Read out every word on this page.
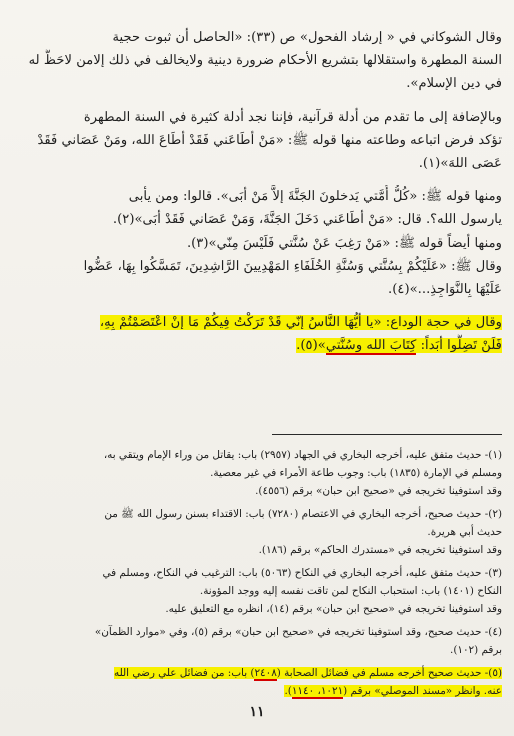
وقال الشوكاني في « إرشاد الفحول» ص (٣٣): «الحاصل أن ثبوت حجية
السنة المطهرة واستقلالها بتشريع الأحكام ضرورة دينية ولايخالف في ذلك إلامن لاحَظَّ له
في دين الإسلام».
وبالإضافة إلى ما تقدم من أدلة قرآنية، فإننا نجد أدلة كثيرة في السنة المطهرة
تؤكد فرض اتباعه وطاعته منها قوله ﷺ: «مَنْ أطَاعَني فَقَدْ أطَاعَ الله، ومَنْ عَصَاني فَقَدْ
عَصَى اللهَ»(١).
ومنها قوله ﷺ: «كُلُّ أُمَّتي يَدخلونَ الجَنَّةَ إلاَّ مَنْ أبَى». قالوا: ومن يأبى
يارسول الله؟. قال: «مَنْ أطَاعَني دَخَلَ الجَنَّةَ، وَمَنْ عَصَاني فَقَدْ أبَى»(٢).
ومنها أيضاً قوله ﷺ: «مَنْ رَغِبَ عَنْ سُنَّتي فَلَيْسَ مِنّي»(٣).
وقال ﷺ: «عَلَيْكُمْ بِسُنَّتي وَسُنَّةِ الخُلَفَاءِ المَهْدِيينَ الرَّاشِدِينَ، تَمَسَّكُوا بِهَا، عَضُّوا
عَلَيْهَا بِالنَّوَاجِذِ...»(٤).
وقال في حجة الوداع: «يا أيُّهَا النَّاسُ إنّي قَدْ تَرَكْتُ فِيكُمْ مَا إنْ اعْتَصَمْتُمْ بِهِ،
فَلَنْ تَضِلُّوا أبَداً: كِتَابَ الله وسُنَّتي»(٥).
(١)- حديث متفق عليه، أخرجه البخاري في الجهاد (٢٩٥٧) باب: يقاتل من وراء الإمام ويتقي به،
ومسلم في الإمارة (١٨٣٥) باب: وجوب طاعة الأمراء في غير معصية.
وقد استوفينا تخريجه في «صحيح ابن حبان» برقم (٤٥٥٦).
(٢)- حديث صحيح، أخرجه البخاري في الاعتصام (٧٢٨٠) باب: الاقتداء بسنن رسول الله ﷺ من
حديث أبي هريرة.
وقد استوفينا تخريجه في «مستدرك الحاكم» برقم (١٨٦).
(٣)- حديث متفق عليه، أخرجه البخاري في النكاح (٥٠٦٣) باب: الترغيب في النكاح، ومسلم في
النكاح (١٤٠١) باب: استحباب النكاح لمن تاقت نفسه إليه ووجد المؤونة.
وقد استوفينا تخريجه في «صحيح ابن حبان» برقم (١٤)، انظره مع التعليق عليه.
(٤)- حديث صحيح، وقد استوفينا تخريجه في «صحيح ابن حبان» برقم (٥)، وفي «موارد الظمآن»
برقم (١٠٢).
(٥)- حديث صحيح أخرجه مسلم في فضائل الصحابة (٢٤٠٨) باب: من فضائل علي رضي الله
عنه. وانظر «مسند الموصلي» برقم (١٠٢١، ١١٤٠).
١١
